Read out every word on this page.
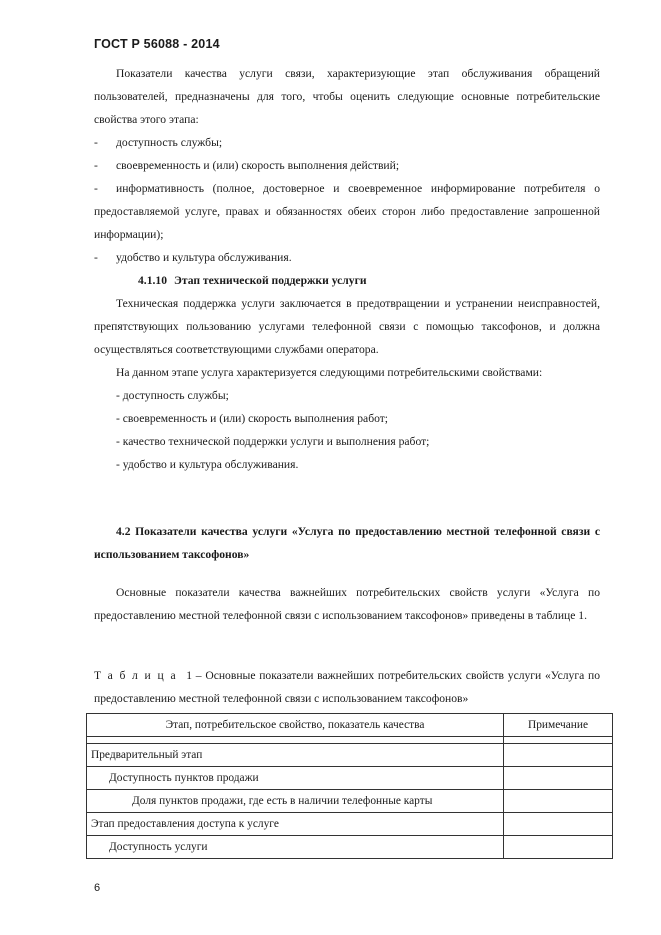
ГОСТ Р 56088 - 2014

Показатели качества услуги связи, характеризующие этап обслуживания обращений пользователей, предназначены для того, чтобы оценить следующие основные потребительские свойства этого этапа:

-	доступность службы;
-	своевременность и (или) скорость выполнения действий;

- информативность (полное, достоверное и своевременное информирование потребителя о предоставляемой услуге, правах и обязанностях обеих сторон либо предоставление запрошенной информации);

-	удобство и культура обслуживания.

4.1.10 Этап технической поддержки услуги

Техническая поддержка услуги заключается в предотвращении и устранении неисправностей, препятствующих пользованию услугами телефонной связи с помощью таксофонов, и должна осуществляться соответствующими службами оператора.

На данном этапе услуга характеризуется следующими потребительскими свойствами:

- доступность службы;

- своевременность и (или) скорость выполнения работ;

- качество технической поддержки услуги и выполнения работ;

- удобство и культура обслуживания.

4.2 Показатели качества услуги «Услуга по предоставлению местной телефонной связи с использованием таксофонов»

Основные показатели качества важнейших потребительских свойств услуги «Услуга по предоставлению местной телефонной связи с использованием таксофонов» приведены в таблице 1.

Таблица 1 – Основные показатели важнейших потребительских свойств услуги «Услуга по предоставлению местной телефонной связи с использованием таксофонов»

Этап, потребительское свойство, показатель качества	Примечание

Предварительный этап	
Доступность пунктов продажи	
Доля пунктов продажи, где есть в наличии телефонные карты	
Этап предоставления доступа к услуге	
Доступность услуги	
6
